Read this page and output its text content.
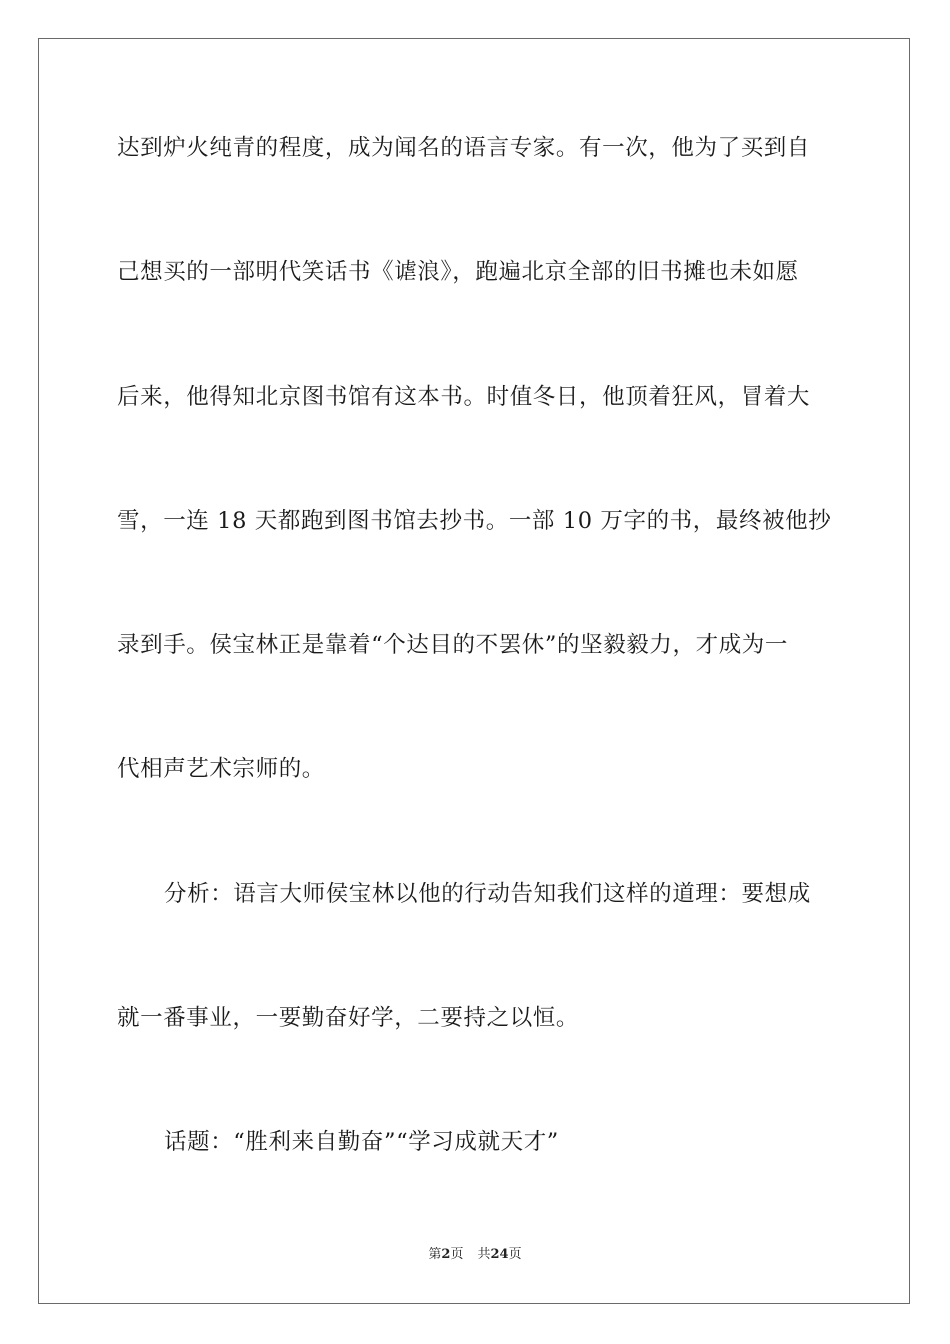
达到炉火纯青的程度，成为闻名的语言专家。有一次，他为了买到自
己想买的一部明代笑话书《谑浪》，跑遍北京全部的旧书摊也未如愿
后来，他得知北京图书馆有这本书。时值冬日，他顶着狂风，冒着大
雪，一连 18 天都跑到图书馆去抄书。一部 10 万字的书，最终被他抄
录到手。侯宝林正是靠着“个达目的不罢休”的坚毅毅力，才成为一
代相声艺术宗师的。
分析：语言大师侯宝林以他的行动告知我们这样的道理：要想成
就一番事业，一要勤奋好学，二要持之以恒。
话题：“胜利来自勤奋”“学习成就天才”
第2页 共24页
